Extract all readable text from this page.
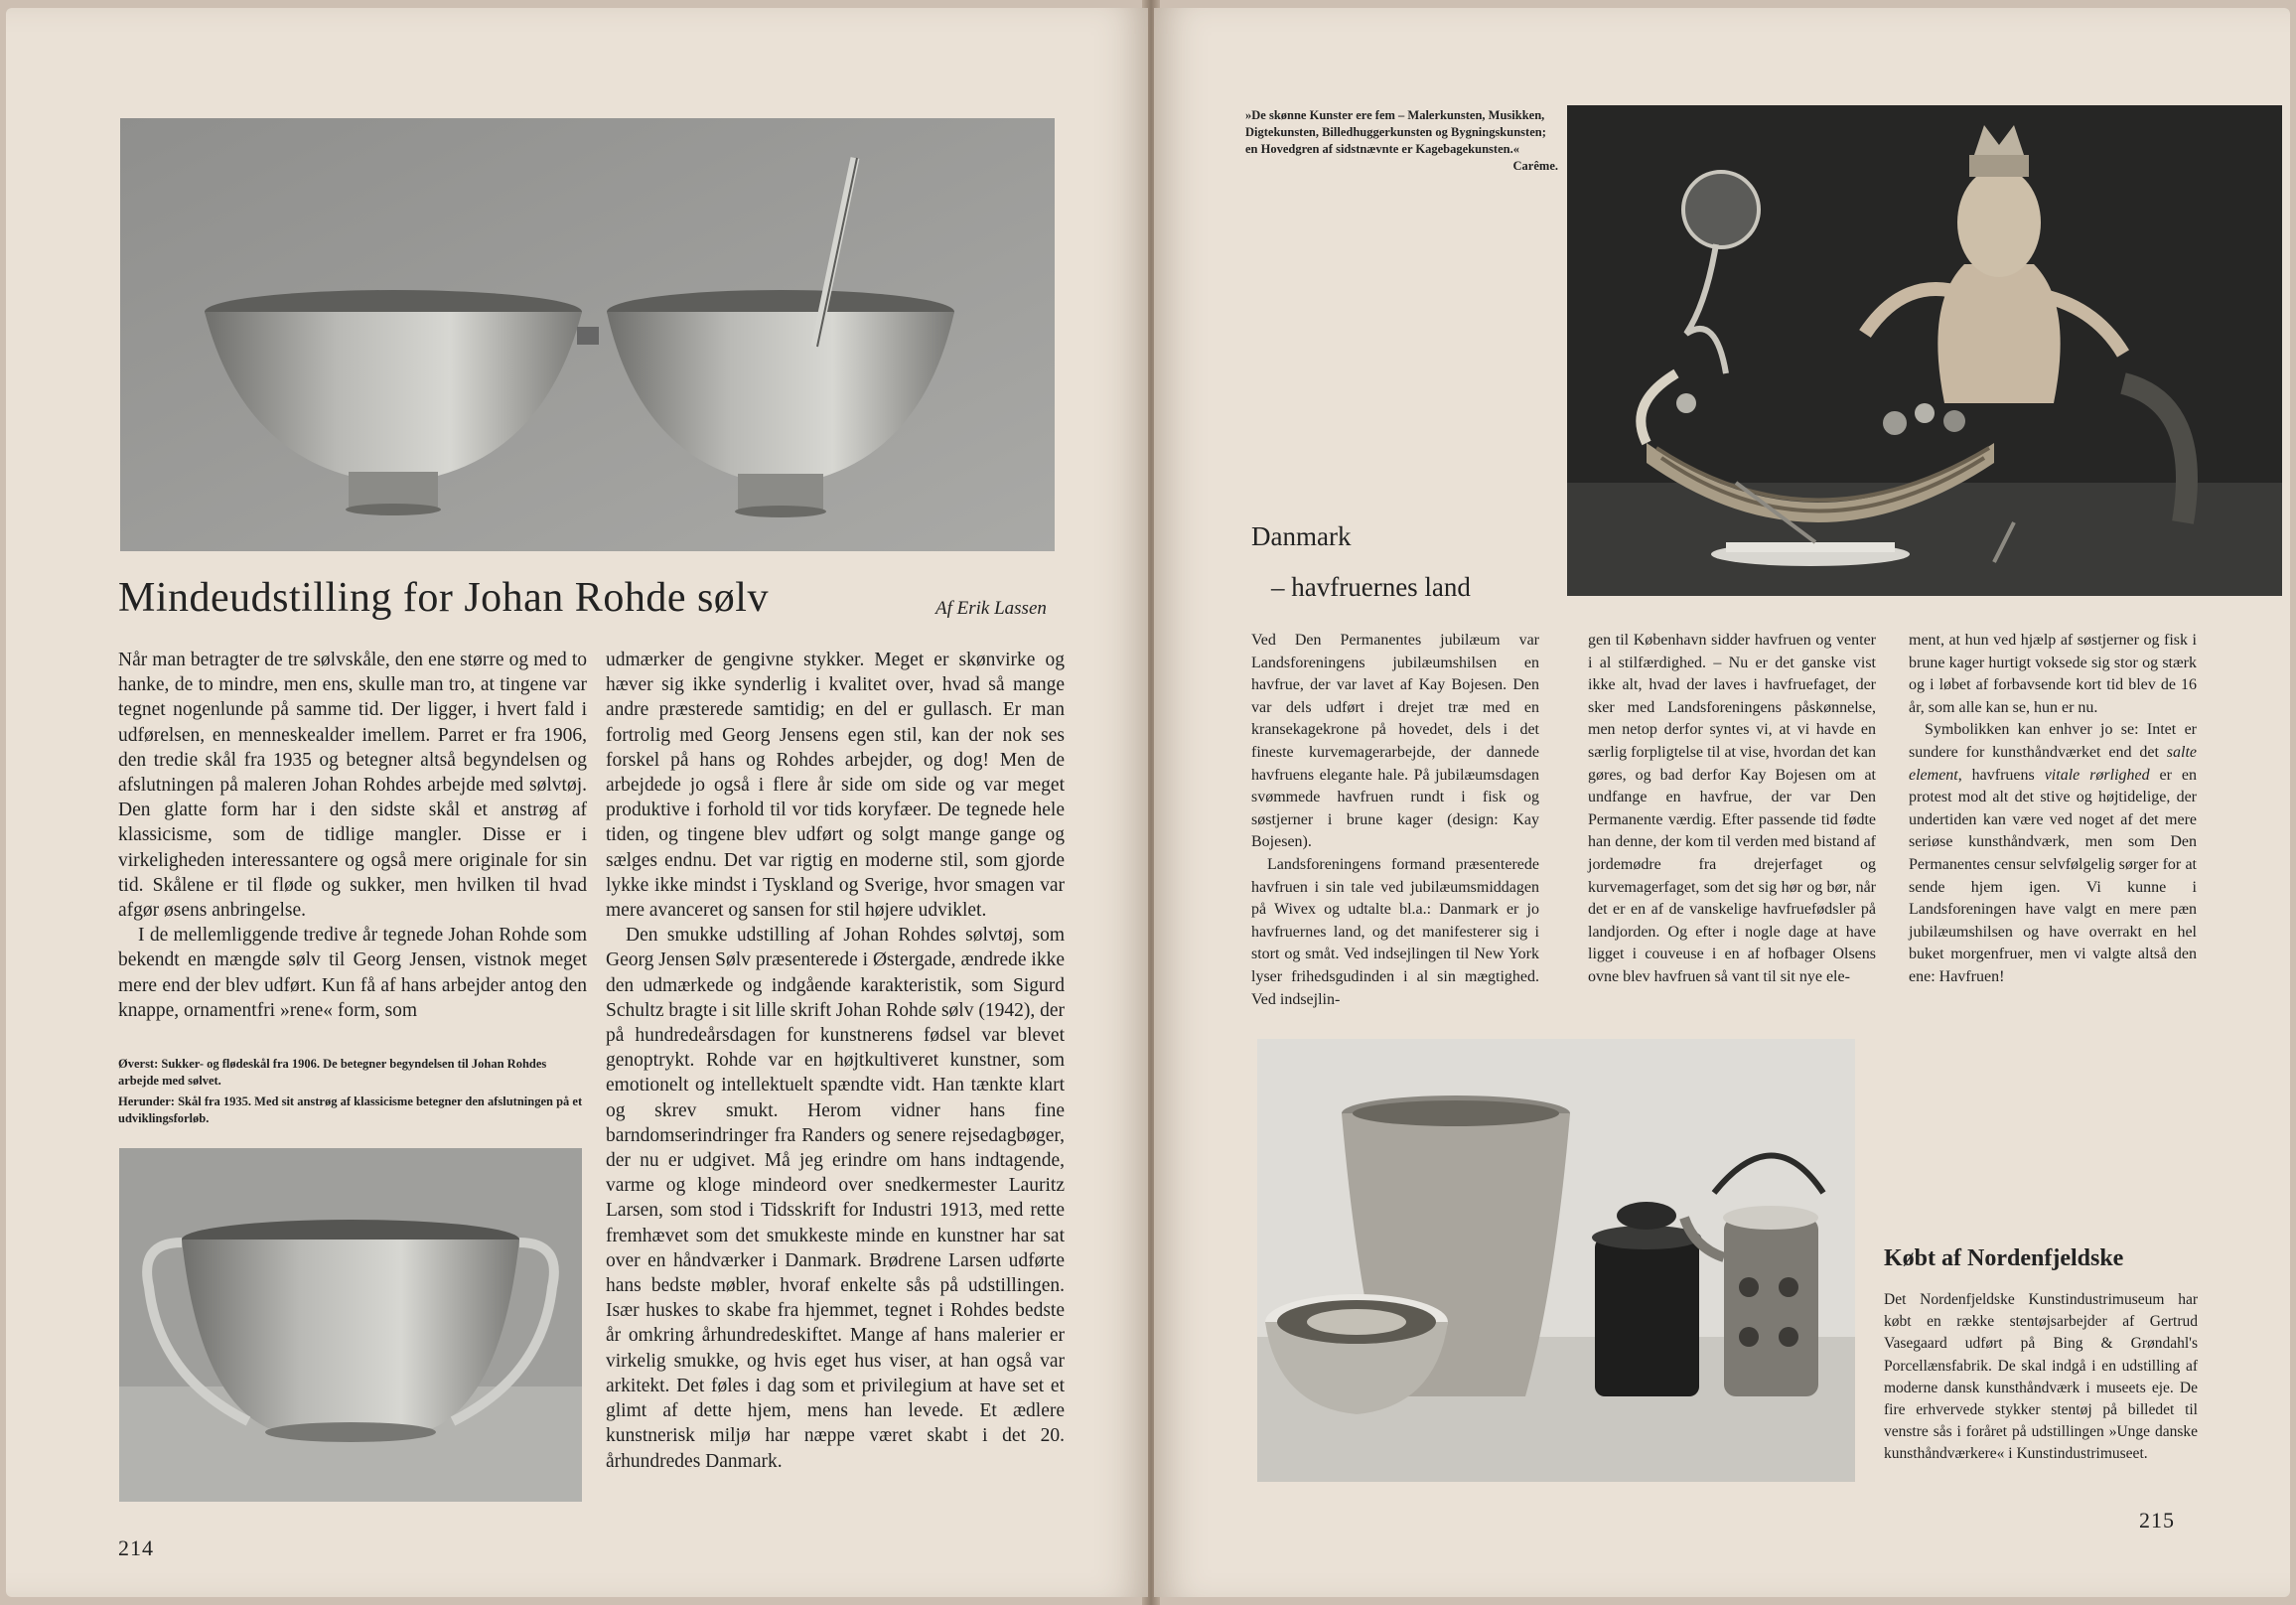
Mindeudstilling for Johan Rohde sølv	Af Erik Lassen

Når man betragter de tre sølvskåle, den ene større og med to hanke, de to mindre, men ens, skulle man tro, at tingene var tegnet nogenlunde på samme tid. Der ligger, i hvert fald i udførelsen, en menneskealder imellem. Parret er fra 1906, den tredie skål fra 1935 og betegner altså begyndelsen og afslutningen på maleren Johan Rohdes arbejde med sølvtøj. Den glatte form har i den sidste skål et anstrøg af klassicisme, som de tidlige mangler. Disse er i virkeligheden interessantere og også mere originale for sin tid. Skålene er til fløde og sukker, men hvilken til hvad afgør øsens anbringelse.

I de mellemliggende tredive år tegnede Johan Rohde som bekendt en mængde sølv til Georg Jensen, vistnok meget mere end der blev udført. Kun få af hans arbejder antog den knappe, ornamentfri »rene« form, som

Øverst: Sukker- og flødeskål fra 1906. De betegner begyndelsen til Johan Rohdes arbejde med sølvet.

Herunder: Skål fra 1935. Med sit anstrøg af klassicisme betegner den afslutningen på et udviklingsforløb.

udmærker de gengivne stykker. Meget er skønvirke og hæver sig ikke synderlig i kvalitet over, hvad så mange andre præsterede samtidig; en del er gullasch. Er man fortrolig med Georg Jensens egen stil, kan der nok ses forskel på hans og Rohdes arbejder, og dog! Men de arbejdede jo også i flere år side om side og var meget produktive i forhold til vor tids koryfæer. De tegnede hele tiden, og tingene blev udført og solgt mange gange og sælges endnu. Det var rigtig en moderne stil, som gjorde lykke ikke mindst i Tyskland og Sverige, hvor smagen var mere avanceret og sansen for stil højere udviklet.

Den smukke udstilling af Johan Rohdes sølvtøj, som Georg Jensen Sølv præsenterede i Østergade, ændrede ikke den udmærkede og indgående karakteristik, som Sigurd Schultz bragte i sit lille skrift Johan Rohde sølv (1942), der på hundredeårsdagen for kunstnerens fødsel var blevet genoptrykt. Rohde var en højtkultiveret kunstner, som emotionelt og intellektuelt spændte vidt. Han tænkte klart og skrev smukt. Herom vidner hans fine barndomserindringer fra Randers og senere rejsedagbøger, der nu er udgivet. Må jeg erindre om hans indtagende, varme og kloge mindeord over snedkermester Lauritz Larsen, som stod i Tidsskrift for Industri 1913, med rette fremhævet som det smukkeste minde en kunstner har sat over en håndværker i Danmark. Brødrene Larsen udførte hans bedste møbler, hvoraf enkelte sås på udstillingen. Især huskes to skabe fra hjemmet, tegnet i Rohdes bedste år omkring århundredeskiftet. Mange af hans malerier er virkelig smukke, og hvis eget hus viser, at han også var arkitekt. Det føles i dag som et privilegium at have set et glimt af dette hjem, mens han levede. Et ædlere kunstnerisk miljø har næppe været skabt i det 20. århundredes Danmark.

214
»De skønne Kunster ere fem – Malerkunsten, Musikken, Digtekunsten, Billedhuggerkunsten og Bygningskunsten; en Hovedgren af sidstnævnte er Kagebagekunsten.«
Carême.
Danmark
– havfruernes land

Ved Den Permanentes jubilæum var Landsforeningens jubilæumshilsen en havfrue, der var lavet af Kay Bojesen. Den var dels udført i drejet træ med en kransekagekrone på hovedet, dels i det fineste kurvemagerarbejde, der dannede havfruens elegante hale. På jubilæumsdagen svømmede havfruen rundt i fisk og søstjerner i brune kager (design: Kay Bojesen).

Landsforeningens formand præsenterede havfruen i sin tale ved jubilæumsmiddagen på Wivex og udtalte bl.a.: Danmark er jo havfruernes land, og det manifesterer sig i stort og småt. Ved indsejlingen til New York lyser frihedsgudinden i al sin mægtighed. Ved indsejlin-

gen til København sidder havfruen og venter i al stilfærdighed. – Nu er det ganske vist ikke alt, hvad der laves i havfruefaget, der sker med Landsforeningens påskønnelse, men netop derfor syntes vi, at vi havde en særlig forpligtelse til at vise, hvordan det kan gøres, og bad derfor Kay Bojesen om at undfange en havfrue, der var Den Permanente værdig. Efter passende tid fødte han denne, der kom til verden med bistand af jordemødre fra drejerfaget og kurvemagerfaget, som det sig hør og bør, når det er en af de vanskelige havfruefødsler på landjorden. Og efter i nogle dage at have ligget i couveuse i en af hofbager Olsens ovne blev havfruen så vant til sit nye ele-

ment, at hun ved hjælp af søstjerner og fisk i brune kager hurtigt voksede sig stor og stærk og i løbet af forbavsende kort tid blev de 16 år, som alle kan se, hun er nu.

Symbolikken kan enhver jo se: Intet er sundere for kunsthåndværket end det salte element, havfruens vitale rørlighed er en protest mod alt det stive og højtidelige, der undertiden kan være ved noget af det mere seriøse kunsthåndværk, men som Den Permanentes censur selvfølgelig sørger for at sende hjem igen. Vi kunne i Landsforeningen have valgt en mere pæn jubilæumshilsen og have overrakt en hel buket morgenfruer, men vi valgte altså den ene: Havfruen!

Købt af Nordenfjeldske

Det Nordenfjeldske Kunstindustrimuseum har købt en række stentøjsarbejder af Gertrud Vasegaard udført på Bing & Grøndahl's Porcellænsfabrik. De skal indgå i en udstilling af moderne dansk kunsthåndværk i museets eje. De fire erhvervede stykker stentøj på billedet til venstre sås i foråret på udstillingen »Unge danske kunsthåndværkere« i Kunstindustrimuseet.

215
